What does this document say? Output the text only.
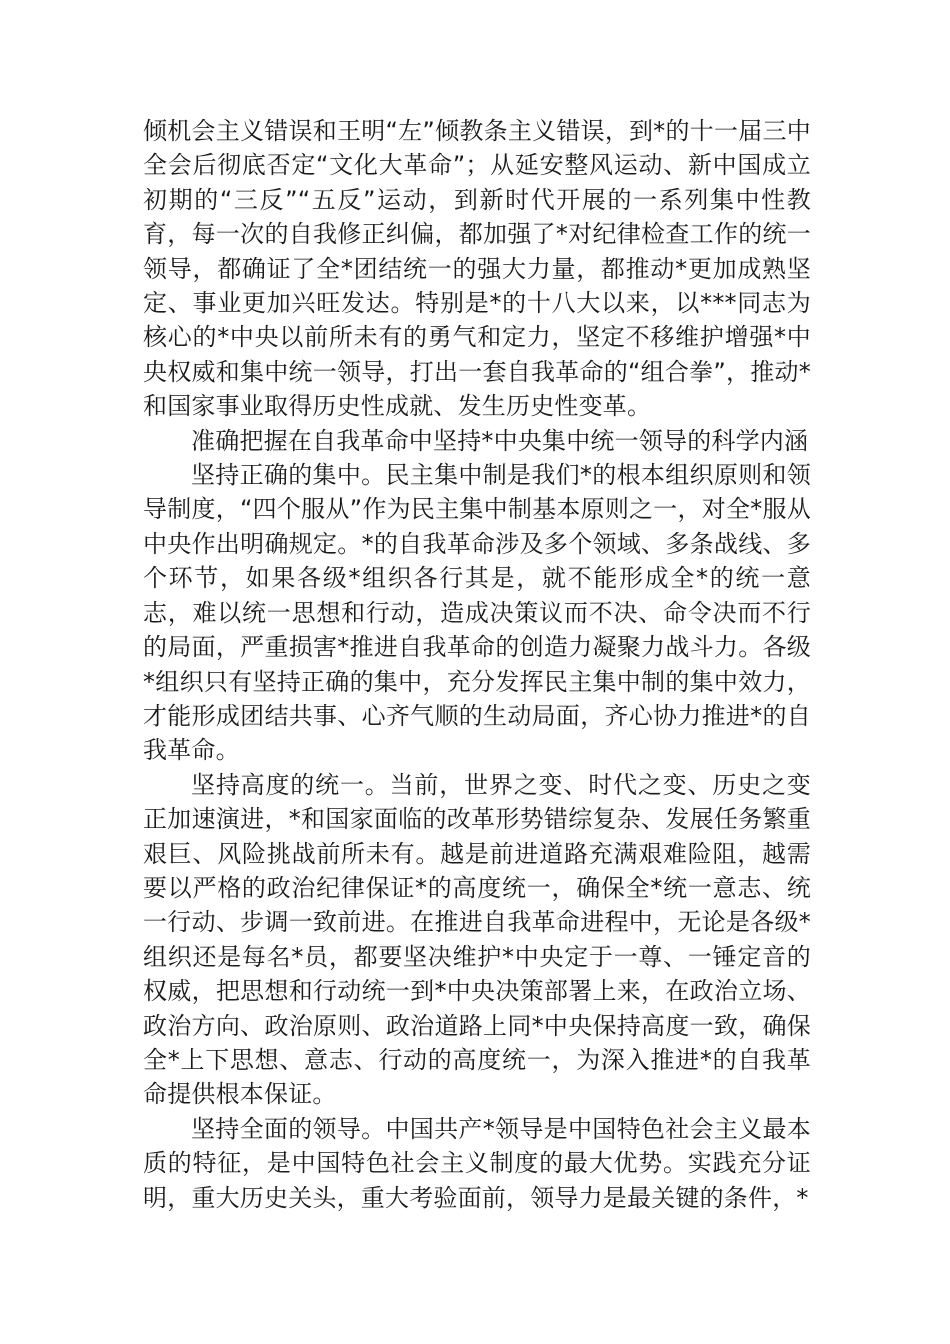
倾机会主义错误和王明“左”倾教条主义错误，到*的十一届三中全会后彻底否定“文化大革命”；从延安整风运动、新中国成立初期的“三反”“五反”运动，到新时代开展的一系列集中性教育，每一次的自我修正纠偏，都加强了*对纪律检查工作的统一领导，都确证了全*团结统一的强大力量，都推动*更加成熟坚定、事业更加兴旺发达。特别是*的十八大以来，以***同志为核心的*中央以前所未有的勇气和定力，坚定不移维护增强*中央权威和集中统一领导，打出一套自我革命的“组合拳”，推动*和国家事业取得历史性成就、发生历史性变革。

准确把握在自我革命中坚持*中央集中统一领导的科学内涵

坚持正确的集中。民主集中制是我们*的根本组织原则和领导制度，“四个服从”作为民主集中制基本原则之一，对全*服从中央作出明确规定。*的自我革命涉及多个领域、多条战线、多个环节，如果各级*组织各行其是，就不能形成全*的统一意志，难以统一思想和行动，造成决策议而不决、命令决而不行的局面，严重损害*推进自我革命的创造力凝聚力战斗力。各级*组织只有坚持正确的集中，充分发挥民主集中制的集中效力，才能形成团结共事、心齐气顺的生动局面，齐心协力推进*的自我革命。

坚持高度的统一。当前，世界之变、时代之变、历史之变正加速演进，*和国家面临的改革形势错综复杂、发展任务繁重艰巨、风险挑战前所未有。越是前进道路充满艰难险阻，越需要以严格的政治纪律保证*的高度统一，确保全*统一意志、统一行动、步调一致前进。在推进自我革命进程中，无论是各级*组织还是每名*员，都要坚决维护*中央定于一尊、一锤定音的权威，把思想和行动统一到*中央决策部署上来，在政治立场、政治方向、政治原则、政治道路上同*中央保持高度一致，确保全*上下思想、意志、行动的高度统一，为深入推进*的自我革命提供根本保证。

坚持全面的领导。中国共产*领导是中国特色社会主义最本质的特征，是中国特色社会主义制度的最大优势。实践充分证明，重大历史关头，重大考验面前，领导力是最关键的条件，*
